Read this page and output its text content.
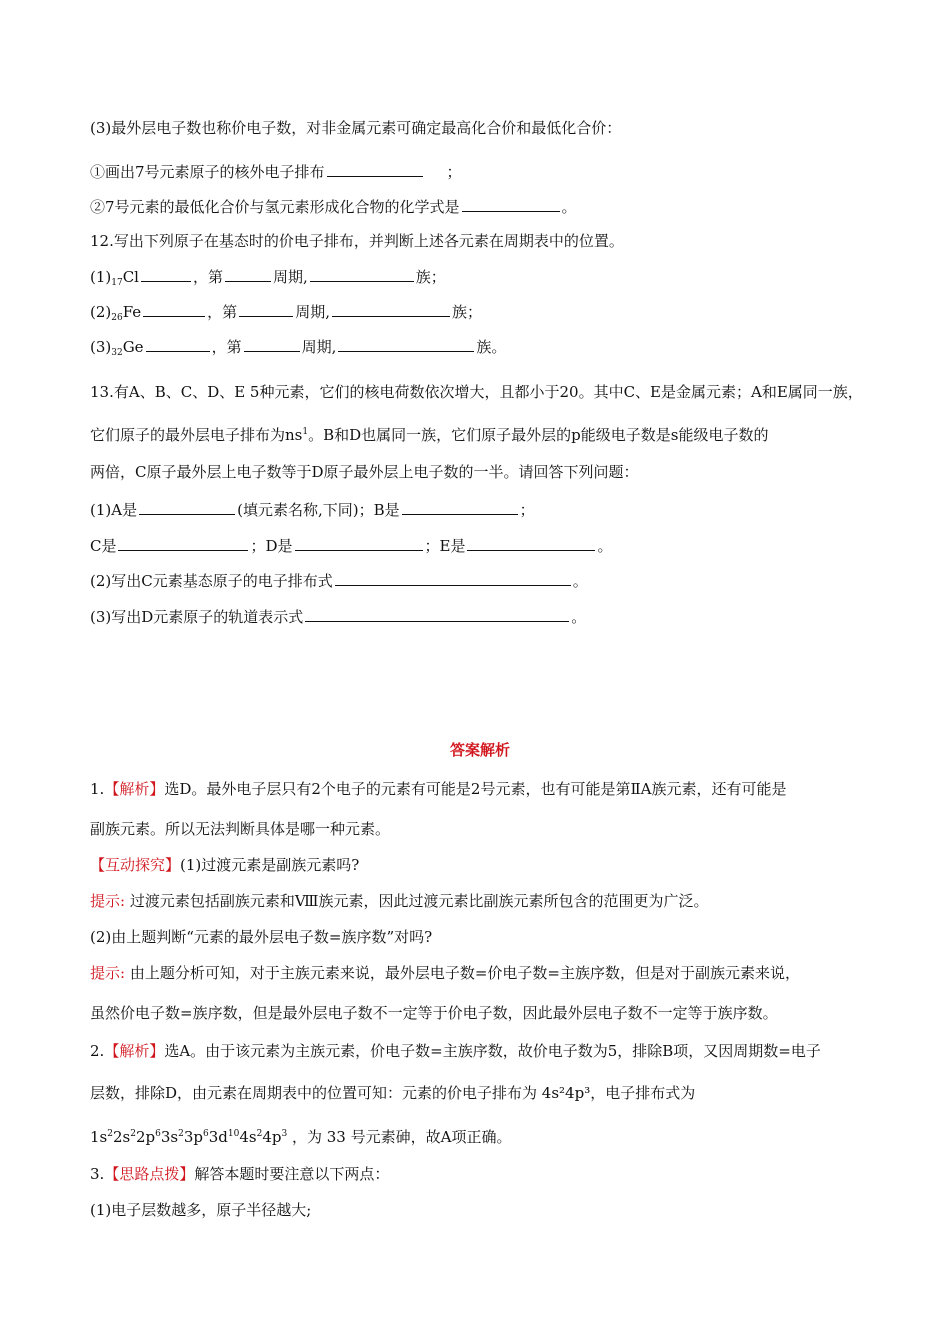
(3)最外层电子数也称价电子数，对非金属元素可确定最高化合价和最低化合价：
①画出7号元素原子的核外电子排布	；
②7号元素的最低化合价与氢元素形成化合物的化学式是	。
12.写出下列原子在基态时的价电子排布，并判断上述各元素在周期表中的位置。
$(1)_{17}Cl$	，第	周期,	族；
$(2)_{26}Fe$	，第	周期,	族；
$(3)_{32}Ge$	，第	周期,	族。
13.有A、B、C、D、E 5种元素，它们的核电荷数依次增大，且都小于20。其中C、E是金属元素；A和E属同一族，
它们原子的最外层电子排布为$ns^1$。B和D也属同一族，它们原子最外层的p能级电子数是s能级电子数的
两倍，C原子最外层上电子数等于D原子最外层上电子数的一半。请回答下列问题：
(1)A是	(填元素名称,下同)；B是	；
C是	；D是	；E是	。
(2)写出C元素基态原子的电子排布式	。
(3)写出D元素原子的轨道表示式	。
答案解析
1.【解析】选D。最外电子层只有2个电子的元素有可能是2号元素，也有可能是第ⅡA族元素，还有可能是
副族元素。所以无法判断具体是哪一种元素。
【互动探究】(1)过渡元素是副族元素吗?
提示: 过渡元素包括副族元素和Ⅷ族元素，因此过渡元素比副族元素所包含的范围更为广泛。
(2)由上题判断“元素的最外层电子数=族序数”对吗?
提示: 由上题分析可知，对于主族元素来说，最外层电子数=价电子数=主族序数，但是对于副族元素来说，
虽然价电子数=族序数，但是最外层电子数不一定等于价电子数，因此最外层电子数不一定等于族序数。
2.【解析】选A。由于该元素为主族元素，价电子数=主族序数，故价电子数为5，排除B项，又因周期数=电子
层数，排除D，由元素在周期表中的位置可知：元素的价电子排布为 4s²4p³，电子排布式为
$1s^22s^22p^63s^23p^63d^{10}4s^24p^3$ ，为 33 号元素砷，故A项正确。
3.【思路点拨】解答本题时要注意以下两点：
(1)电子层数越多，原子半径越大;
